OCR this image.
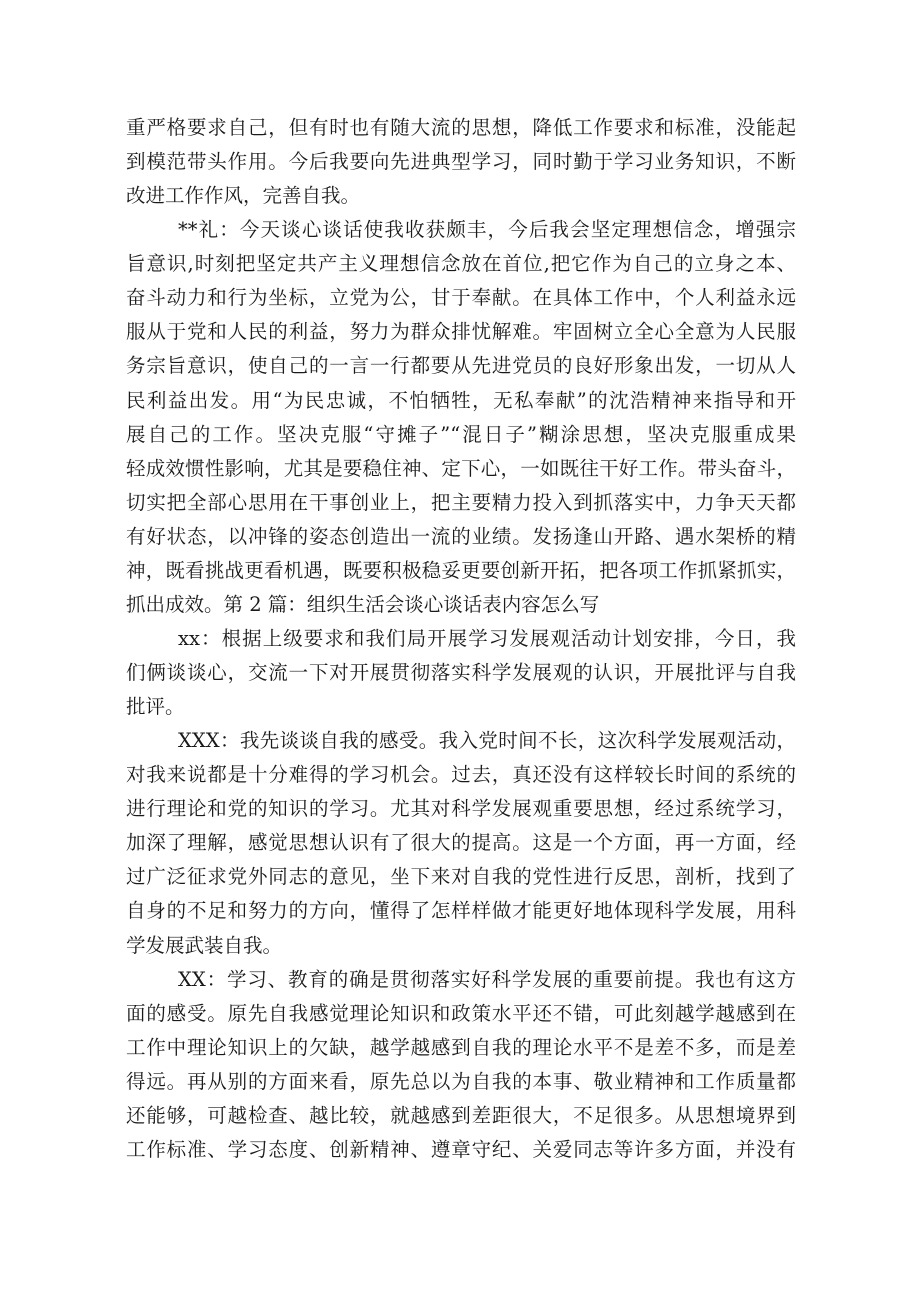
重严格要求自己，但有时也有随大流的思想，降低工作要求和标准，没能起
到模范带头作用。今后我要向先进典型学习，同时勤于学习业务知识，不断
改进工作作风，完善自我。
**礼：今天谈心谈话使我收获颇丰，今后我会坚定理想信念，增强宗
旨意识,时刻把坚定共产主义理想信念放在首位,把它作为自己的立身之本、
奋斗动力和行为坐标，立党为公，甘于奉献。在具体工作中，个人利益永远
服从于党和人民的利益，努力为群众排忧解难。牢固树立全心全意为人民服
务宗旨意识，使自己的一言一行都要从先进党员的良好形象出发，一切从人
民利益出发。用“为民忠诚，不怕牺牲，无私奉献”的沈浩精神来指导和开
展自己的工作。坚决克服“守摊子”“混日子”糊涂思想，坚决克服重成果
轻成效惯性影响，尤其是要稳住神、定下心，一如既往干好工作。带头奋斗，
切实把全部心思用在干事创业上，把主要精力投入到抓落实中，力争天天都
有好状态，以冲锋的姿态创造出一流的业绩。发扬逢山开路、遇水架桥的精
神，既看挑战更看机遇，既要积极稳妥更要创新开拓，把各项工作抓紧抓实，
抓出成效。第 2 篇：组织生活会谈心谈话表内容怎么写
xx：根据上级要求和我们局开展学习发展观活动计划安排，今日，我
们俩谈谈心，交流一下对开展贯彻落实科学发展观的认识，开展批评与自我
批评。
XXX：我先谈谈自我的感受。我入党时间不长，这次科学发展观活动，
对我来说都是十分难得的学习机会。过去，真还没有这样较长时间的系统的
进行理论和党的知识的学习。尤其对科学发展观重要思想，经过系统学习，
加深了理解，感觉思想认识有了很大的提高。这是一个方面，再一方面，经
过广泛征求党外同志的意见，坐下来对自我的党性进行反思，剖析，找到了
自身的不足和努力的方向，懂得了怎样样做才能更好地体现科学发展，用科
学发展武装自我。
XX：学习、教育的确是贯彻落实好科学发展的重要前提。我也有这方
面的感受。原先自我感觉理论知识和政策水平还不错，可此刻越学越感到在
工作中理论知识上的欠缺，越学越感到自我的理论水平不是差不多，而是差
得远。再从别的方面来看，原先总以为自我的本事、敬业精神和工作质量都
还能够，可越检查、越比较，就越感到差距很大，不足很多。从思想境界到
工作标准、学习态度、创新精神、遵章守纪、关爱同志等许多方面，并没有
